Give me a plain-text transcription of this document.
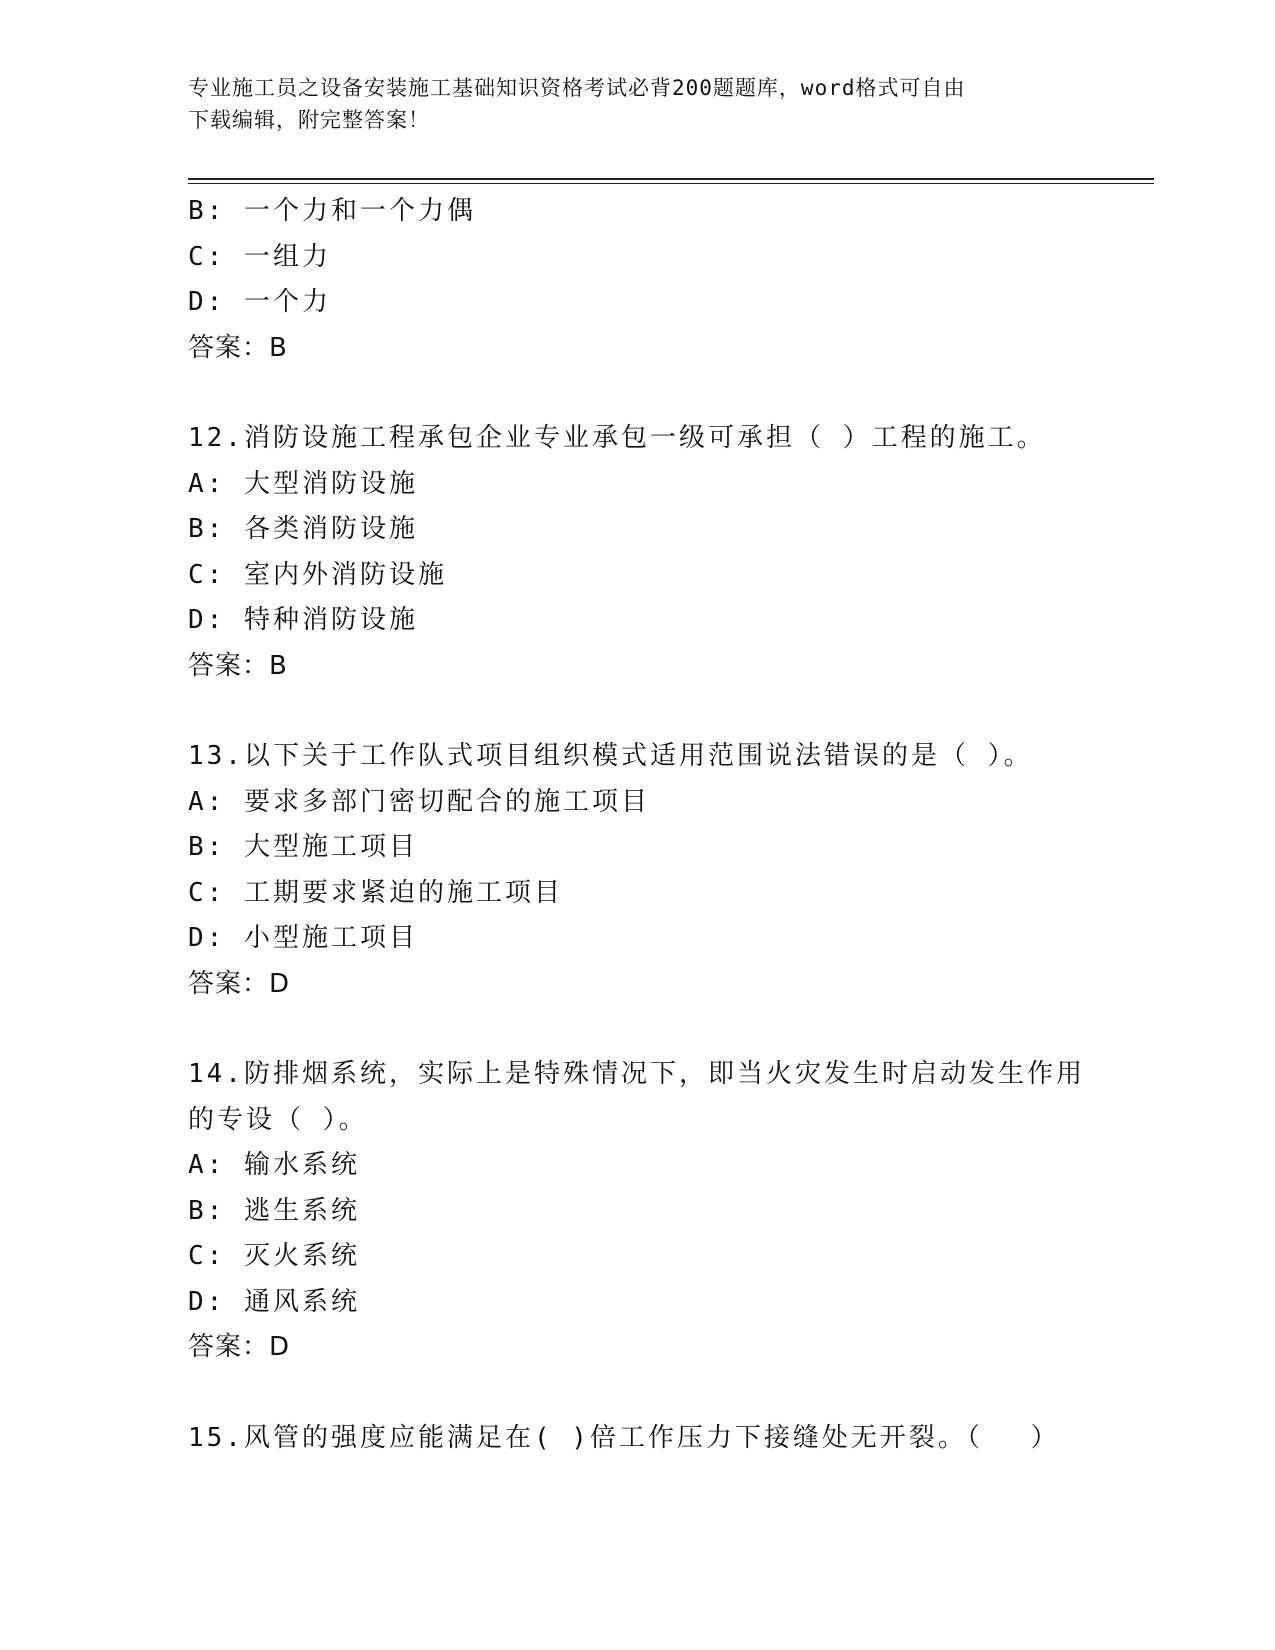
专业施工员之设备安装施工基础知识资格考试必背200题题库，word格式可自由
下载编辑，附完整答案！
B: 一个力和一个力偶
C: 一组力
D: 一个力
答案：B
12.消防设施工程承包企业专业承包一级可承担（ ）工程的施工。
A: 大型消防设施
B: 各类消防设施
C: 室内外消防设施
D: 特种消防设施
答案：B
13.以下关于工作队式项目组织模式适用范围说法错误的是（ ）。
A: 要求多部门密切配合的施工项目
B: 大型施工项目
C: 工期要求紧迫的施工项目
D: 小型施工项目
答案：D
14.防排烟系统，实际上是特殊情况下，即当火灾发生时启动发生作用
的专设（ ）。
A: 输水系统
B: 逃生系统
C: 灭火系统
D: 通风系统
答案：D
15.风管的强度应能满足在( )倍工作压力下接缝处无开裂。（　 ）
